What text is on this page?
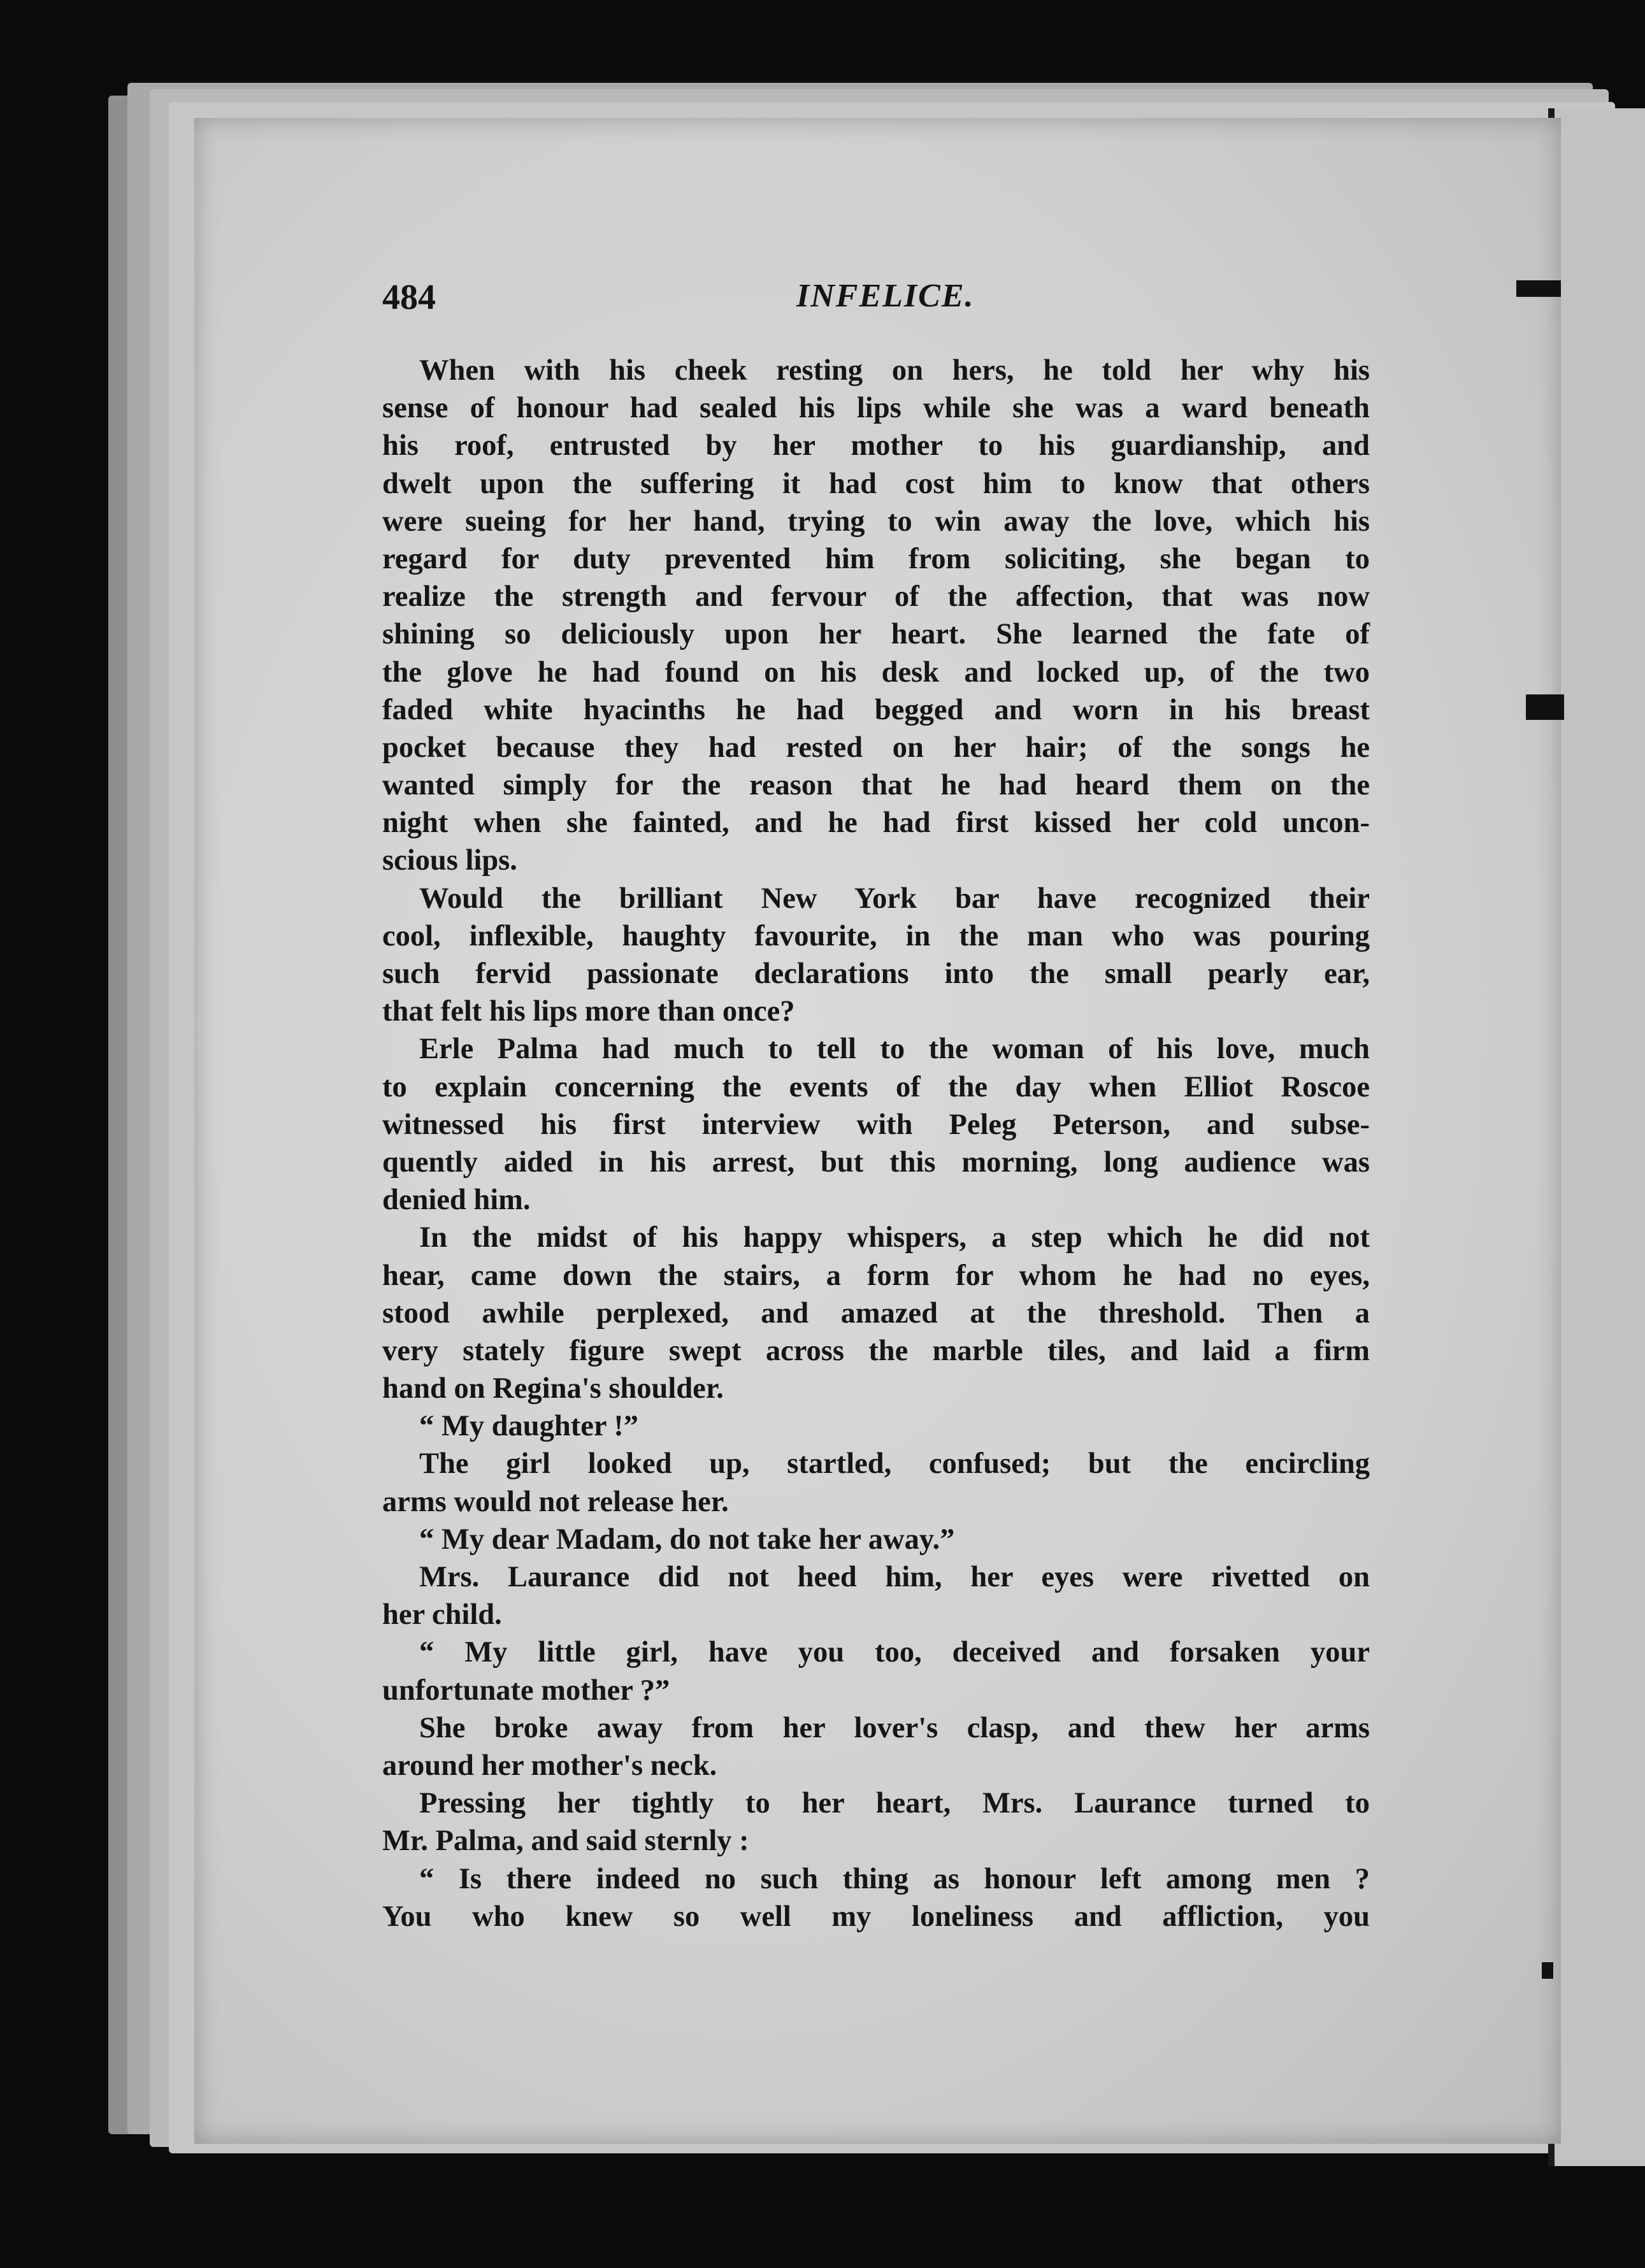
484	INFELICE.
When with his cheek resting on hers, he told her why his
sense of honour had sealed his lips while she was a ward beneath
his roof, entrusted by her mother to his guardianship, and
dwelt upon the suffering it had cost him to know that others
were sueing for her hand, trying to win away the love, which his
regard for duty prevented him from soliciting, she began to
realize the strength and fervour of the affection, that was now
shining so deliciously upon her heart. She learned the fate of
the glove he had found on his desk and locked up, of the two
faded white hyacinths he had begged and worn in his breast
pocket because they had rested on her hair; of the songs he
wanted simply for the reason that he had heard them on the
night when she fainted, and he had first kissed her cold uncon-
scious lips.
Would the brilliant New York bar have recognized their
cool, inflexible, haughty favourite, in the man who was pouring
such fervid passionate declarations into the small pearly ear,
that felt his lips more than once?
Erle Palma had much to tell to the woman of his love, much
to explain concerning the events of the day when Elliot Roscoe
witnessed his first interview with Peleg Peterson, and subse-
quently aided in his arrest, but this morning, long audience was
denied him.
In the midst of his happy whispers, a step which he did not
hear, came down the stairs, a form for whom he had no eyes,
stood awhile perplexed, and amazed at the threshold. Then a
very stately figure swept across the marble tiles, and laid a firm
hand on Regina's shoulder.
“ My daughter !”
The girl looked up, startled, confused; but the encircling
arms would not release her.
“ My dear Madam, do not take her away.”
Mrs. Laurance did not heed him, her eyes were rivetted on
her child.
“ My little girl, have you too, deceived and forsaken your
unfortunate mother ?”
She broke away from her lover's clasp, and thew her arms
around her mother's neck.
Pressing her tightly to her heart, Mrs. Laurance turned to
Mr. Palma, and said sternly :
“ Is there indeed no such thing as honour left among men ?
You who knew so well my loneliness and affliction, you
